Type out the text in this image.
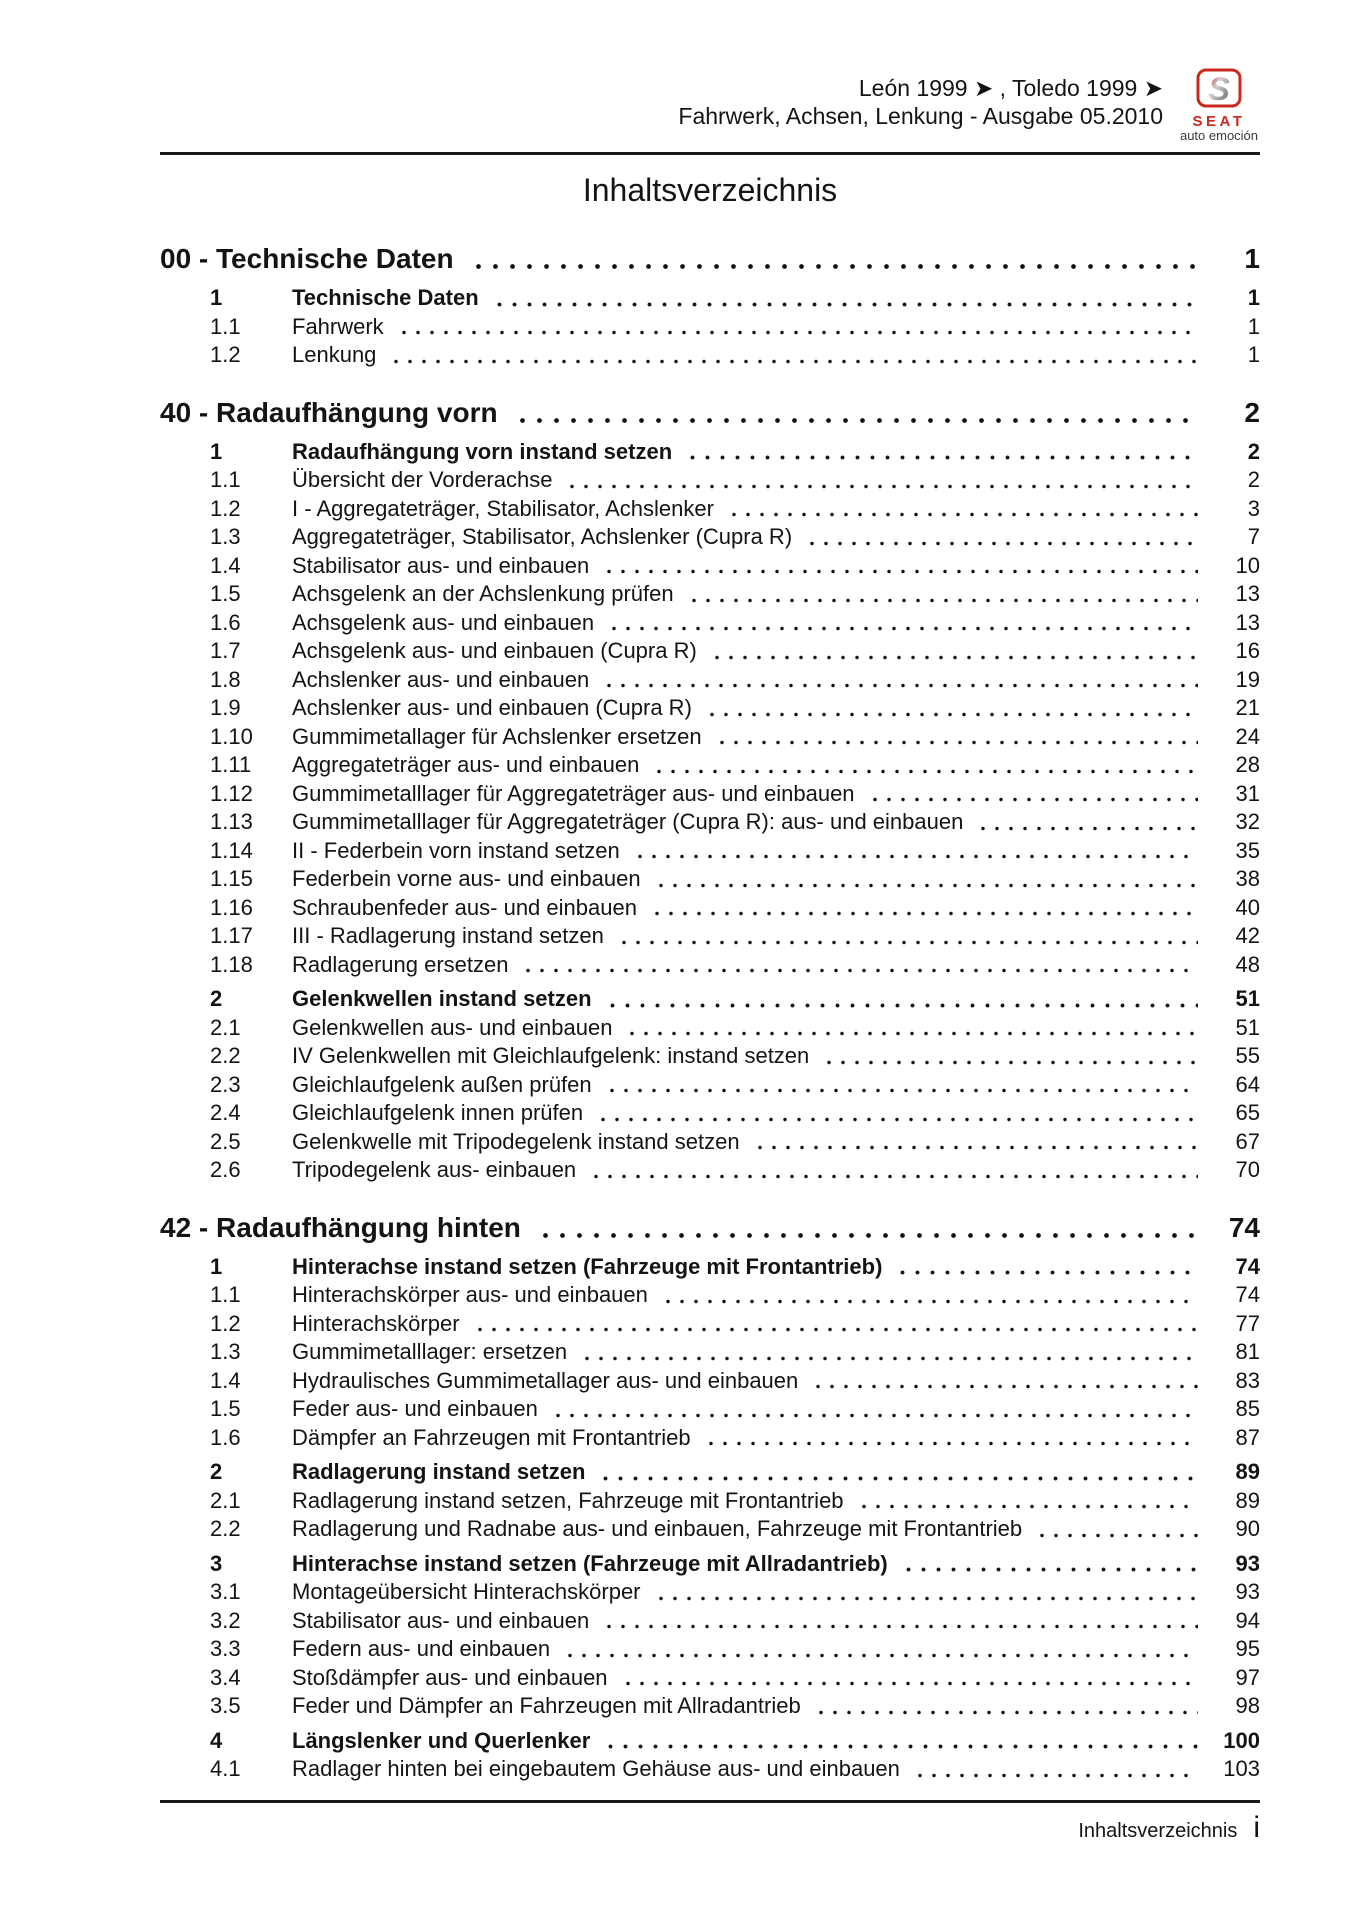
León 1999 ➤ , Toledo 1999 ➤
Fahrwerk, Achsen, Lenkung - Ausgabe 05.2010
S
SEAT
auto emoción
Inhaltsverzeichnis
00 - Technische Daten	1
1	Technische Daten	1
1.1	Fahrwerk	1
1.2	Lenkung	1
40 - Radaufhängung vorn	2
1	Radaufhängung vorn instand setzen	2
1.1	Übersicht der Vorderachse	2
1.2	I - Aggregateträger, Stabilisator, Achslenker	3
1.3	Aggregateträger, Stabilisator, Achslenker (Cupra R)	7
1.4	Stabilisator aus- und einbauen	10
1.5	Achsgelenk an der Achslenkung prüfen	13
1.6	Achsgelenk aus- und einbauen	13
1.7	Achsgelenk aus- und einbauen (Cupra R)	16
1.8	Achslenker aus- und einbauen	19
1.9	Achslenker aus- und einbauen (Cupra R)	21
1.10	Gummimetallager für Achslenker ersetzen	24
1.11	Aggregateträger aus- und einbauen	28
1.12	Gummimetalllager für Aggregateträger aus- und einbauen	31
1.13	Gummimetalllager für Aggregateträger (Cupra R): aus- und einbauen	32
1.14	II - Federbein vorn instand setzen	35
1.15	Federbein vorne aus- und einbauen	38
1.16	Schraubenfeder aus- und einbauen	40
1.17	III - Radlagerung instand setzen	42
1.18	Radlagerung ersetzen	48
2	Gelenkwellen instand setzen	51
2.1	Gelenkwellen aus- und einbauen	51
2.2	IV Gelenkwellen mit Gleichlaufgelenk: instand setzen	55
2.3	Gleichlaufgelenk außen prüfen	64
2.4	Gleichlaufgelenk innen prüfen	65
2.5	Gelenkwelle mit Tripodegelenk instand setzen	67
2.6	Tripodegelenk aus- einbauen	70
42 - Radaufhängung hinten	74
1	Hinterachse instand setzen (Fahrzeuge mit Frontantrieb)	74
1.1	Hinterachskörper aus- und einbauen	74
1.2	Hinterachskörper	77
1.3	Gummimetalllager: ersetzen	81
1.4	Hydraulisches Gummimetallager aus- und einbauen	83
1.5	Feder aus- und einbauen	85
1.6	Dämpfer an Fahrzeugen mit Frontantrieb	87
2	Radlagerung instand setzen	89
2.1	Radlagerung instand setzen, Fahrzeuge mit Frontantrieb	89
2.2	Radlagerung und Radnabe aus- und einbauen, Fahrzeuge mit Frontantrieb	90
3	Hinterachse instand setzen (Fahrzeuge mit Allradantrieb)	93
3.1	Montageübersicht Hinterachskörper	93
3.2	Stabilisator aus- und einbauen	94
3.3	Federn aus- und einbauen	95
3.4	Stoßdämpfer aus- und einbauen	97
3.5	Feder und Dämpfer an Fahrzeugen mit Allradantrieb	98
4	Längslenker und Querlenker	100
4.1	Radlager hinten bei eingebautem Gehäuse aus- und einbauen	103
Inhaltsverzeichnis i
